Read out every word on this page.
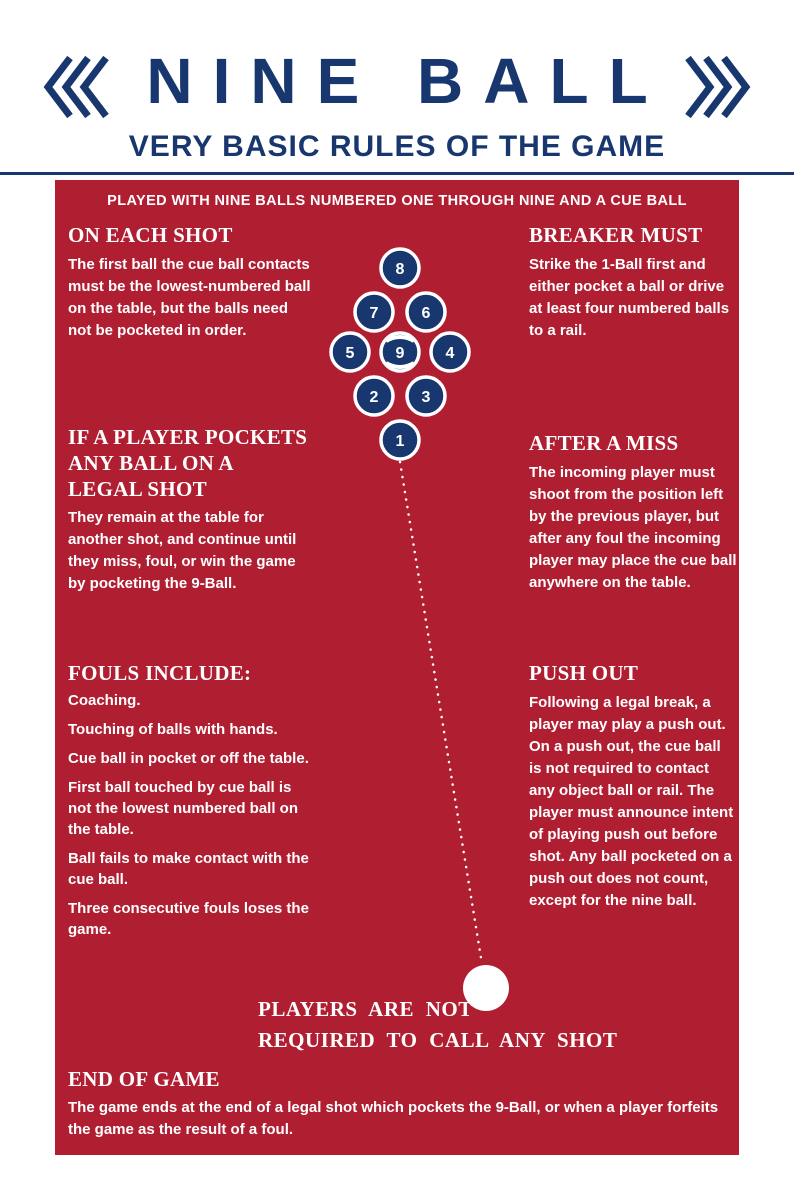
NINE BALL
VERY BASIC RULES OF THE GAME
PLAYED WITH NINE BALLS NUMBERED ONE THROUGH NINE AND A CUE BALL
ON EACH SHOT
The first ball the cue ball contacts must be the lowest-numbered ball on the table, but the balls need not be pocketed in order.
IF A PLAYER POCKETS ANY BALL ON A LEGAL SHOT
They remain at the table for another shot, and continue until they miss, foul, or win the game by pocketing the 9-Ball.
FOULS INCLUDE:

Coaching.

Touching of balls with hands.

Cue ball in pocket or off the table.

First ball touched by cue ball is not the lowest numbered ball on the table.

Ball fails to make contact with the cue ball.

Three consecutive fouls loses the game.

BREAKER MUST
Strike the 1-Ball first and either pocket a ball or drive at least four numbered balls to a rail.
AFTER A MISS
The incoming player must shoot from the position left by the previous player, but after any foul the incoming player may place the cue ball anywhere on the table.
PUSH OUT
Following a legal break, a player may play a push out. On a push out, the cue ball is not required to contact any object ball or rail. The player must announce intent of playing push out before shot. Any ball pocketed on a push out does not count, except for the nine ball.
8
7	6
5	9	4
2	3
1
PLAYERS ARE NOT
REQUIRED TO CALL ANY SHOT
END OF GAME
The game ends at the end of a legal shot which pockets the 9-Ball, or when a player forfeits the game as the result of a foul.
